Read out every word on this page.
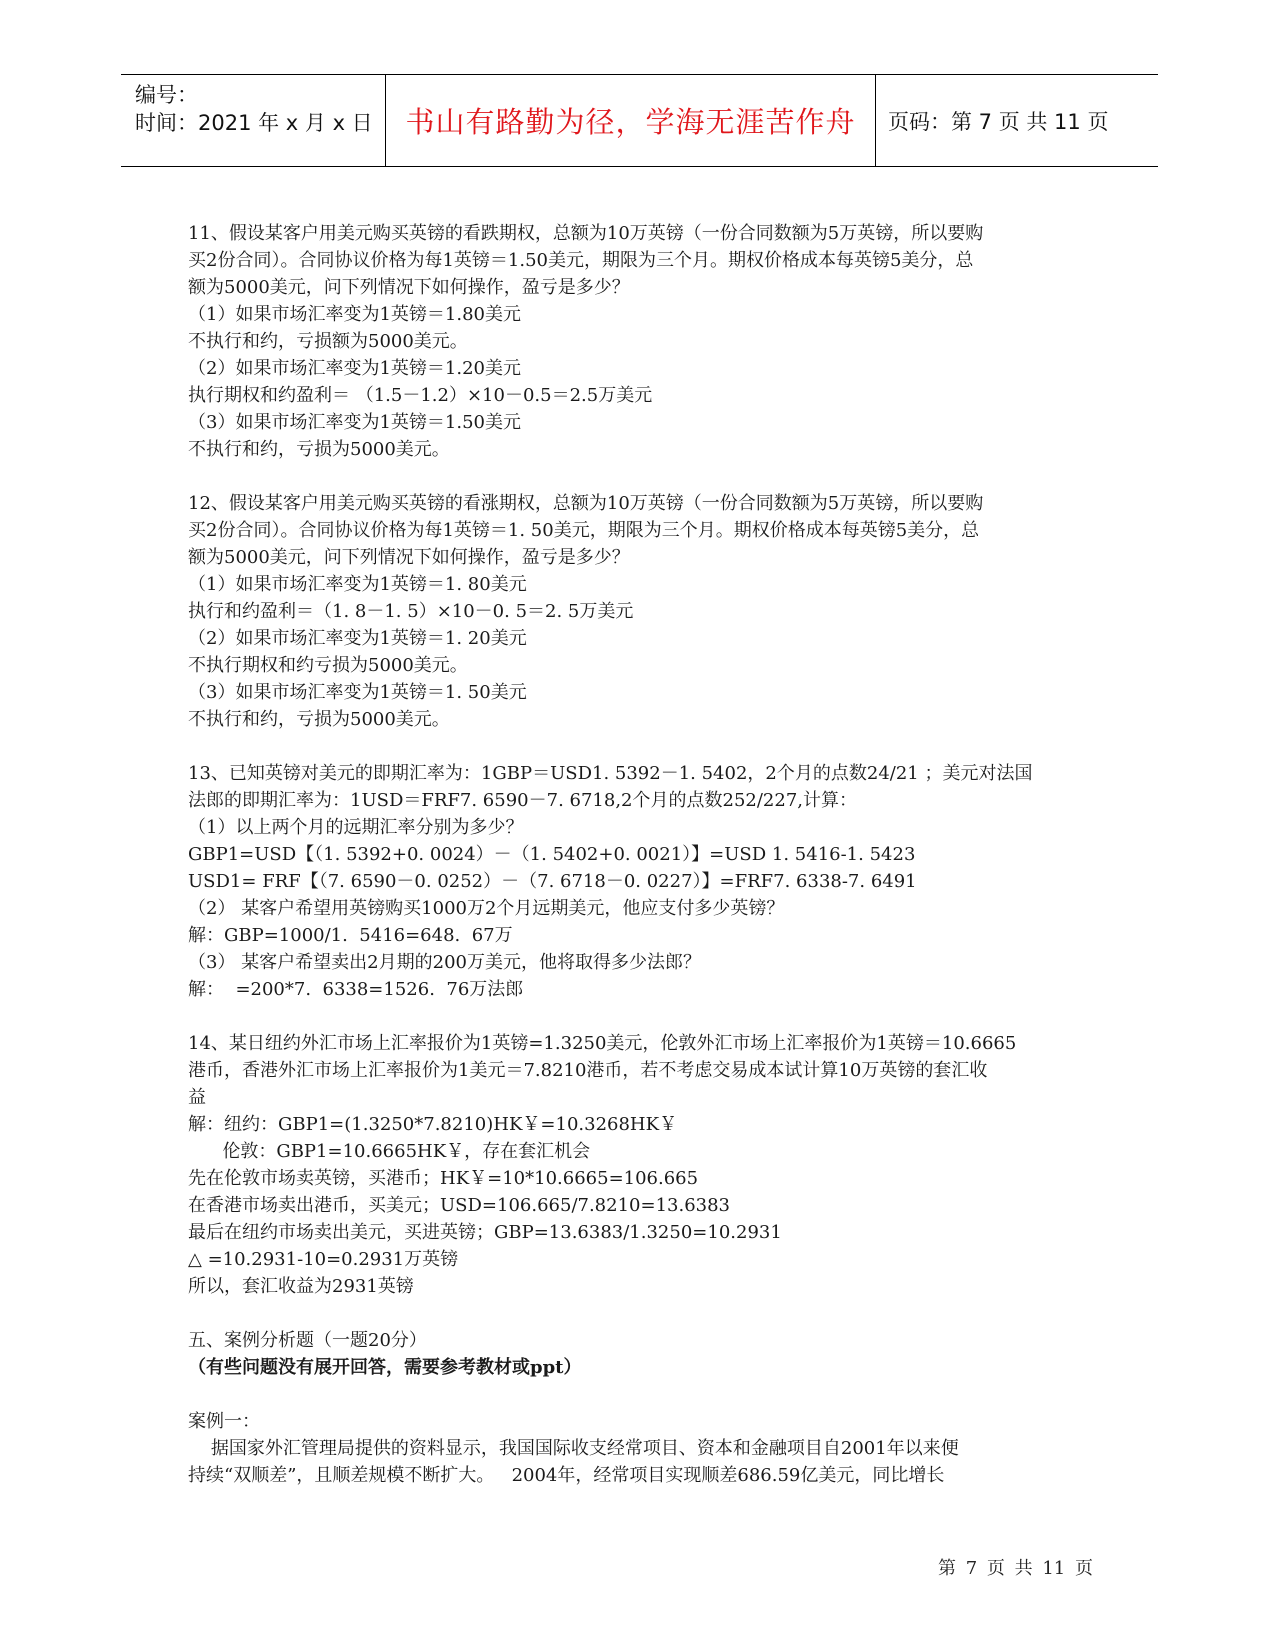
编号：
时间：2021 年 x 月 x 日	书山有路勤为径，学海无涯苦作舟	页码：第 7 页 共 11 页
11、假设某客户用美元购买英镑的看跌期权，总额为10万英镑（一份合同数额为5万英镑，所以要购
买2份合同）。合同协议价格为每1英镑＝1.50美元，期限为三个月。期权价格成本每英镑5美分，总
额为5000美元，问下列情况下如何操作，盈亏是多少？
（1）如果市场汇率变为1英镑＝1.80美元
不执行和约，亏损额为5000美元。
（2）如果市场汇率变为1英镑＝1.20美元
执行期权和约盈利＝ （1.5－1.2）×10－0.5＝2.5万美元
（3）如果市场汇率变为1英镑＝1.50美元
不执行和约，亏损为5000美元。
12、假设某客户用美元购买英镑的看涨期权，总额为10万英镑（一份合同数额为5万英镑，所以要购
买2份合同）。合同协议价格为每1英镑＝1. 50美元，期限为三个月。期权价格成本每英镑5美分，总
额为5000美元，问下列情况下如何操作，盈亏是多少？
（1）如果市场汇率变为1英镑＝1. 80美元
执行和约盈利＝（1. 8－1. 5）×10－0. 5＝2. 5万美元
（2）如果市场汇率变为1英镑＝1. 20美元
不执行期权和约亏损为5000美元。
（3）如果市场汇率变为1英镑＝1. 50美元
不执行和约，亏损为5000美元。
13、已知英镑对美元的即期汇率为：1GBP＝USD1. 5392－1. 5402，2个月的点数24/21 ；美元对法国
法郎的即期汇率为：1USD＝FRF7. 6590－7. 6718,2个月的点数252/227,计算：
（1）以上两个月的远期汇率分别为多少？
GBP1=USD【（1. 5392+0. 0024）－（1. 5402+0. 0021）】=USD 1. 5416-1. 5423
USD1= FRF【（7. 6590－0. 0252）－（7. 6718－0. 0227）】=FRF7. 6338-7. 6491
（2） 某客户希望用英镑购买1000万2个月远期美元，他应支付多少英镑？
解：GBP=1000/1.  5416=648.  67万
（3） 某客户希望卖出2月期的200万美元，他将取得多少法郎？
解：  =200*7.  6338=1526.  76万法郎
14、某日纽约外汇市场上汇率报价为1英镑=1.3250美元，伦敦外汇市场上汇率报价为1英镑＝10.6665
港币，香港外汇市场上汇率报价为1美元＝7.8210港币，若不考虑交易成本试计算10万英镑的套汇收
益
解：纽约：GBP1=(1.3250*7.8210)HK￥=10.3268HK￥
伦敦：GBP1=10.6665HK￥，存在套汇机会
先在伦敦市场卖英镑，买港币；HK￥=10*10.6665=106.665
在香港市场卖出港币，买美元；USD=106.665/7.8210=13.6383
最后在纽约市场卖出美元，买进英镑；GBP=13.6383/1.3250=10.2931
△ =10.2931-10=0.2931万英镑
所以，套汇收益为2931英镑
五、案例分析题（一题20分）
（有些问题没有展开回答，需要参考教材或ppt）
案例一：
据国家外汇管理局提供的资料显示，我国国际收支经常项目、资本和金融项目自2001年以来便
持续“双顺差”，且顺差规模不断扩大。   2004年，经常项目实现顺差686.59亿美元，同比增长
第 7 页 共 11 页
